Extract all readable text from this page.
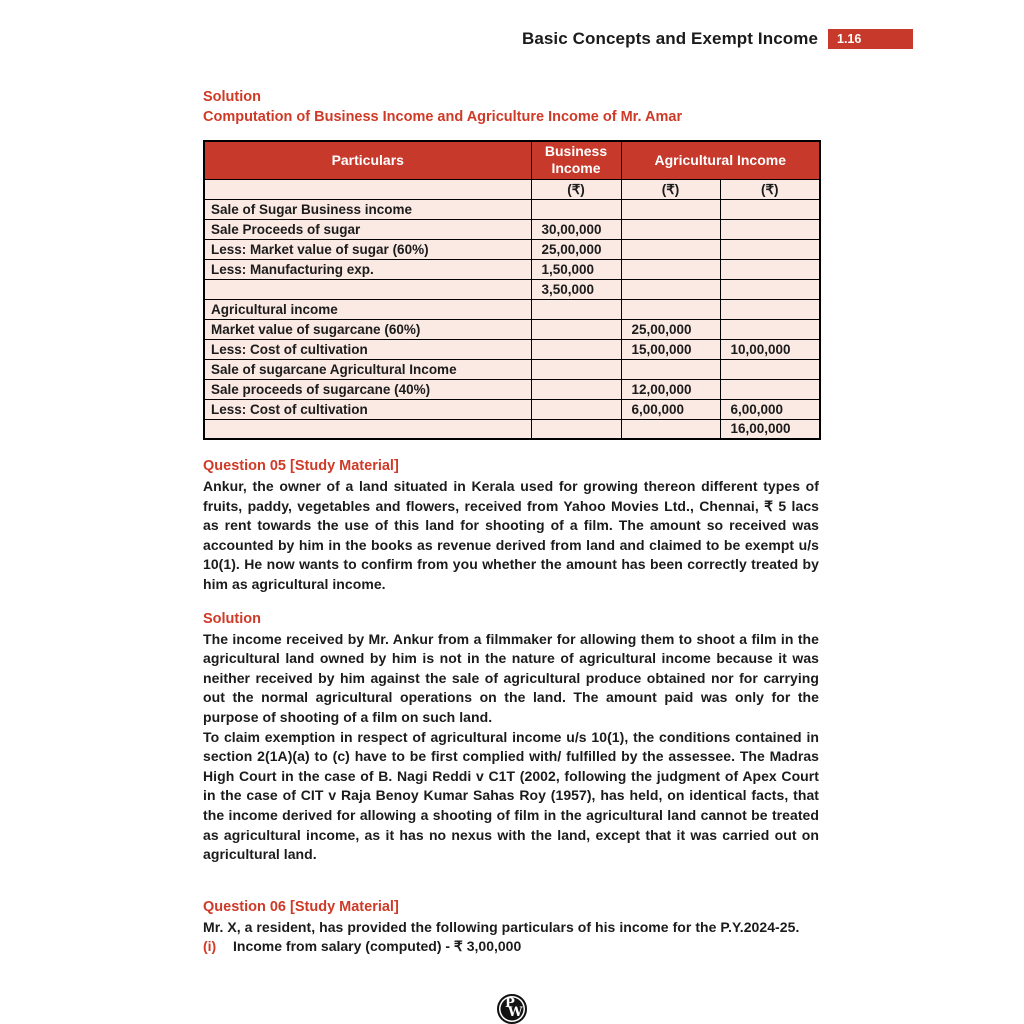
Basic Concepts and Exempt Income	1.16

Solution

Computation of Business Income and Agriculture Income of Mr. Amar

Particulars	Business Income	Agricultural Income	
	(₹)	(₹)	(₹)
Sale of Sugar Business income			
Sale Proceeds of sugar	30,00,000		
Less: Market value of sugar (60%)	25,00,000		
Less: Manufacturing exp.	1,50,000		
	3,50,000		
Agricultural income			
Market value of sugarcane (60%)		25,00,000	
Less: Cost of cultivation		15,00,000	10,00,000
Sale of sugarcane Agricultural Income			
Sale proceeds of sugarcane (40%)		12,00,000	
Less: Cost of cultivation		6,00,000	6,00,000
			16,00,000

Question 05 [Study Material]

Ankur, the owner of a land situated in Kerala used for growing thereon different types of fruits, paddy, vegetables and flowers, received from Yahoo Movies Ltd., Chennai, ₹ 5 lacs as rent towards the use of this land for shooting of a film. The amount so received was accounted by him in the books as revenue derived from land and claimed to be exempt u/s 10(1). He now wants to confirm from you whether the amount has been correctly treated by him as agricultural income.

Solution

The income received by Mr. Ankur from a filmmaker for allowing them to shoot a film in the agricultural land owned by him is not in the nature of agricultural income because it was neither received by him against the sale of agricultural produce obtained nor for carrying out the normal agricultural operations on the land. The amount paid was only for the purpose of shooting of a film on such land.

To claim exemption in respect of agricultural income u/s 10(1), the conditions contained in section 2(1A)(a) to (c) have to be first complied with/ fulfilled by the assessee. The Madras High Court in the case of B. Nagi Reddi v C1T (2002, following the judgment of Apex Court in the case of CIT v Raja Benoy Kumar Sahas Roy (1957), has held, on identical facts, that the income derived for allowing a shooting of film in the agricultural land cannot be treated as agricultural income, as it has no nexus with the land, except that it was carried out on agricultural land.

Question 06 [Study Material]

Mr. X, a resident, has provided the following particulars of his income for the P.Y.2024-25.

(i)	Income from salary (computed) - ₹ 3,00,000
P
W
